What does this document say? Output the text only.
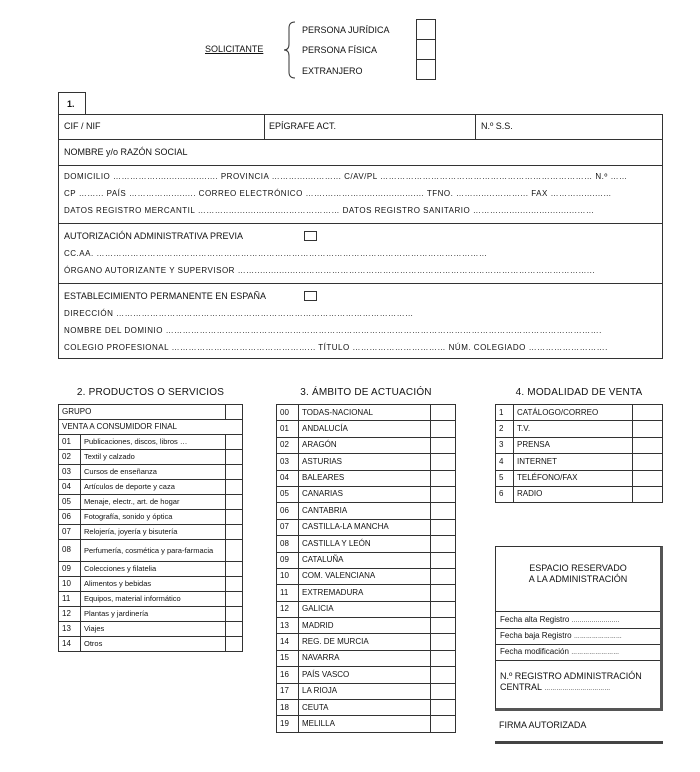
SOLICITANTE
PERSONA JURÍDICA
PERSONA FÍSICA
EXTRANJERO
1.
CIF / NIF	EPÍGRAFE ACT.	N.º S.S.
NOMBRE y/o RAZÓN SOCIAL
DOMICILIO ……………....................... PROVINCIA ……….......……... C/AV/PL ………………………………………………………………… N.º ……
CP ……... PAÍS ……………......... CORREO ELECTRÓNICO ……....………........................ TFNO. ……........………... FAX ………..........…
DATOS REGISTRO MERCANTIL ………..…...................……………… DATOS REGISTRO SANITARIO ……….............................……
AUTORIZACIÓN ADMINISTRATIVA PREVIA
CC.AA. …………………………………………………………………………………………………………………………
ÓRGANO AUTORIZANTE Y SUPERVISOR ……...................………………………………………………………………………………………...
ESTABLECIMIENTO PERMANENTE EN ESPAÑA
DIRECCIÓN ……………………………………………………………………………………………
NOMBRE DEL DOMINIO ……………………………………………………………………………………………………………………………………….
COLEGIO PROFESIONAL …………………………………………... TÍTULO …………………………… NÚM. COLEGIADO ……………………….
2. PRODUCTOS O SERVICIOS
GRUPO		
VENTA A CONSUMIDOR FINAL		
01	Publicaciones, discos, libros …	
02	Textil y calzado	
03	Cursos de enseñanza	
04	Artículos de deporte y caza	
05	Menaje, electr., art. de hogar	
06	Fotografía, sonido y óptica	
07	Relojería, joyería y bisutería	
08	Perfumería, cosmética y para-farmacia	
09	Colecciones y filatelia	
10	Alimentos y bebidas	
11	Equipos, material informático	
12	Plantas y jardinería	
13	Viajes	
14	Otros	
3. ÁMBITO DE ACTUACIÓN
00	TODAS-NACIONAL	
01	ANDALUCÍA	
02	ARAGÓN	
03	ASTURIAS	
04	BALEARES	
05	CANARIAS	
06	CANTABRIA	
07	CASTILLA-LA MANCHA	
08	CASTILLA Y LEÓN	
09	CATALUÑA	
10	COM. VALENCIANA	
11	EXTREMADURA	
12	GALICIA	
13	MADRID	
14	REG. DE MURCIA	
15	NAVARRA	
16	PAÍS VASCO	
17	LA RIOJA	
18	CEUTA	
19	MELILLA	
4. MODALIDAD DE VENTA
1	CATÁLOGO/CORREO	
2	T.V.	
3	PRENSA	
4	INTERNET	
5	TELÉFONO/FAX	
6	RADIO	
ESPACIO RESERVADO
A LA ADMINISTRACIÓN
Fecha alta Registro ……………………
Fecha baja Registro ……………………
Fecha modificación ……………………
N.º REGISTRO ADMINISTRACIÓN
CENTRAL ……………………………
FIRMA AUTORIZADA
